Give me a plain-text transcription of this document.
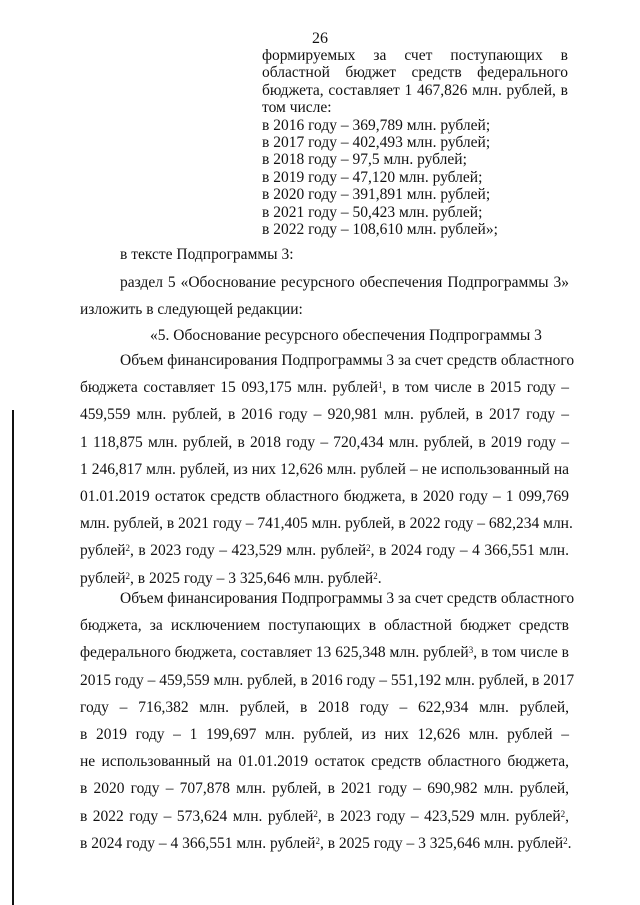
26
формируемых за счет поступающих в
областной бюджет средств федерального
бюджета, составляет 1 467,826 млн. рублей, в
том числе:
в 2016 году – 369,789 млн. рублей;
в 2017 году – 402,493 млн. рублей;
в 2018 году – 97,5 млн. рублей;
в 2019 году – 47,120 млн. рублей;
в 2020 году – 391,891 млн. рублей;
в 2021 году – 50,423 млн. рублей;
в 2022 году – 108,610 млн. рублей»;
в тексте Подпрограммы 3:
раздел 5 «Обоснование ресурсного обеспечения Подпрограммы 3»
изложить в следующей редакции:
«5. Обоснование ресурсного обеспечения Подпрограммы 3
Объем финансирования Подпрограммы 3 за счет средств областного
бюджета составляет 15 093,175 млн. рублей$^1$, в том числе в 2015 году –
459,559 млн. рублей, в 2016 году – 920,981 млн. рублей, в 2017 году –
1 118,875 млн. рублей, в 2018 году – 720,434 млн. рублей, в 2019 году –
1 246,817 млн. рублей, из них 12,626 млн. рублей – не использованный на
01.01.2019 остаток средств областного бюджета, в 2020 году – 1 099,769
млн. рублей, в 2021 году – 741,405 млн. рублей, в 2022 году – 682,234 млн.
рублей$^2$, в 2023 году – 423,529 млн. рублей$^2$, в 2024 году – 4 366,551 млн.
рублей$^2$, в 2025 году – 3 325,646 млн. рублей$^2$.
Объем финансирования Подпрограммы 3 за счет средств областного
бюджета, за исключением поступающих в областной бюджет средств
федерального бюджета, составляет 13 625,348 млн. рублей$^3$, в том числе в
2015 году – 459,559 млн. рублей, в 2016 году – 551,192 млн. рублей, в 2017
году – 716,382 млн. рублей, в 2018 году – 622,934 млн. рублей,
в 2019 году – 1 199,697 млн. рублей, из них 12,626 млн. рублей –
не использованный на 01.01.2019 остаток средств областного бюджета,
в 2020 году – 707,878 млн. рублей, в 2021 году – 690,982 млн. рублей,
в 2022 году – 573,624 млн. рублей$^2$, в 2023 году – 423,529 млн. рублей$^2$,
в 2024 году – 4 366,551 млн. рублей$^2$, в 2025 году – 3 325,646 млн. рублей$^2$.
